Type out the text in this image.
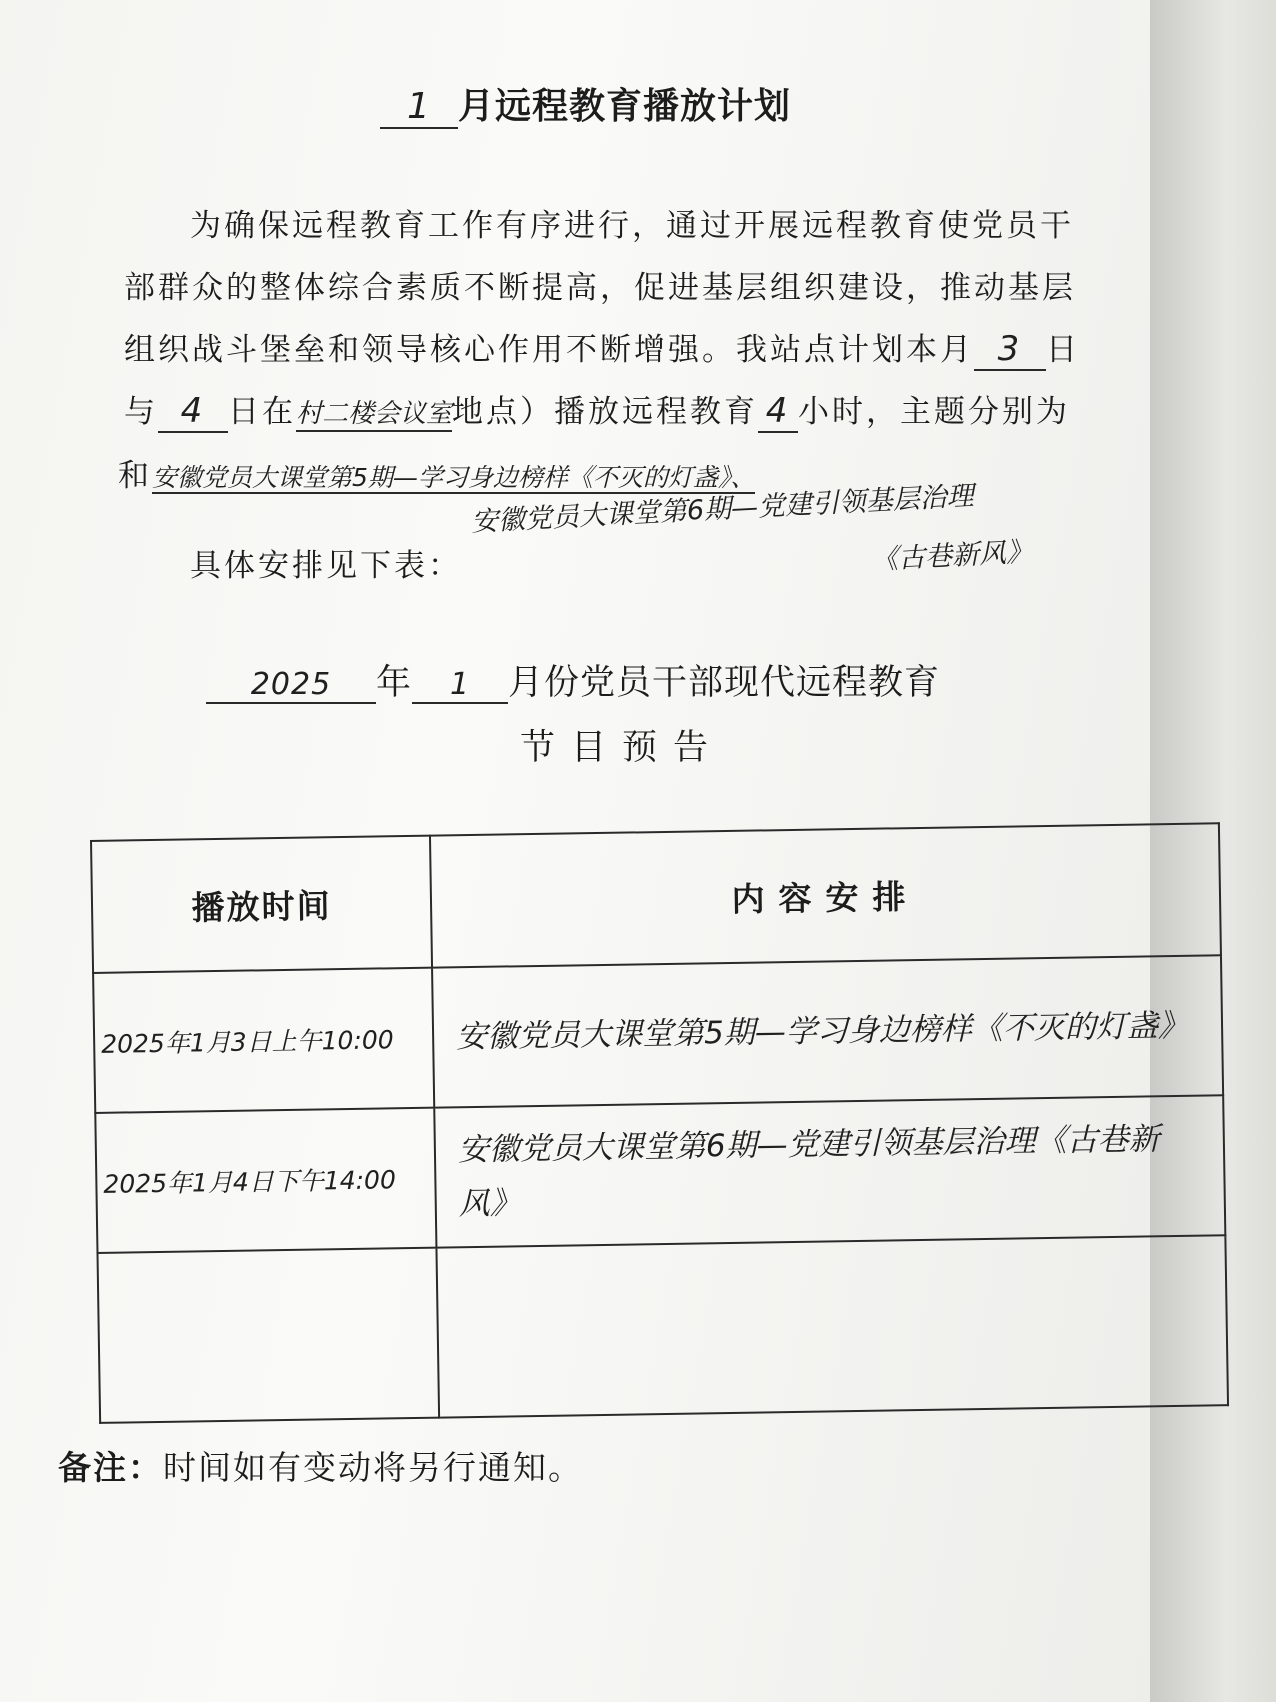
1 月远程教育播放计划
为确保远程教育工作有序进行，通过开展远程教育使党员干
部群众的整体综合素质不断提高，促进基层组织建设，推动基层
组织战斗堡垒和领导核心作用不断增强。我站点计划本月 3 日
与 4 日在村二楼会议室地点）播放远程教育 4 小时，主题分别为
和安徽党员大课堂第5期—学习身边榜样《不灭的灯盏》、
具体安排见下表：
安徽党员大课堂第6期—党建引领基层治理
《古巷新风》
2025 年 1 月份党员干部现代远程教育
节目预告
播放时间	内容安排
2025年1月3日上午10:00	安徽党员大课堂第5期—学习身边榜样《不灭的灯盏》
2025年1月4日下午14:00	安徽党员大课堂第6期—党建引领基层治理《古巷新风》

备注：时间如有变动将另行通知。
